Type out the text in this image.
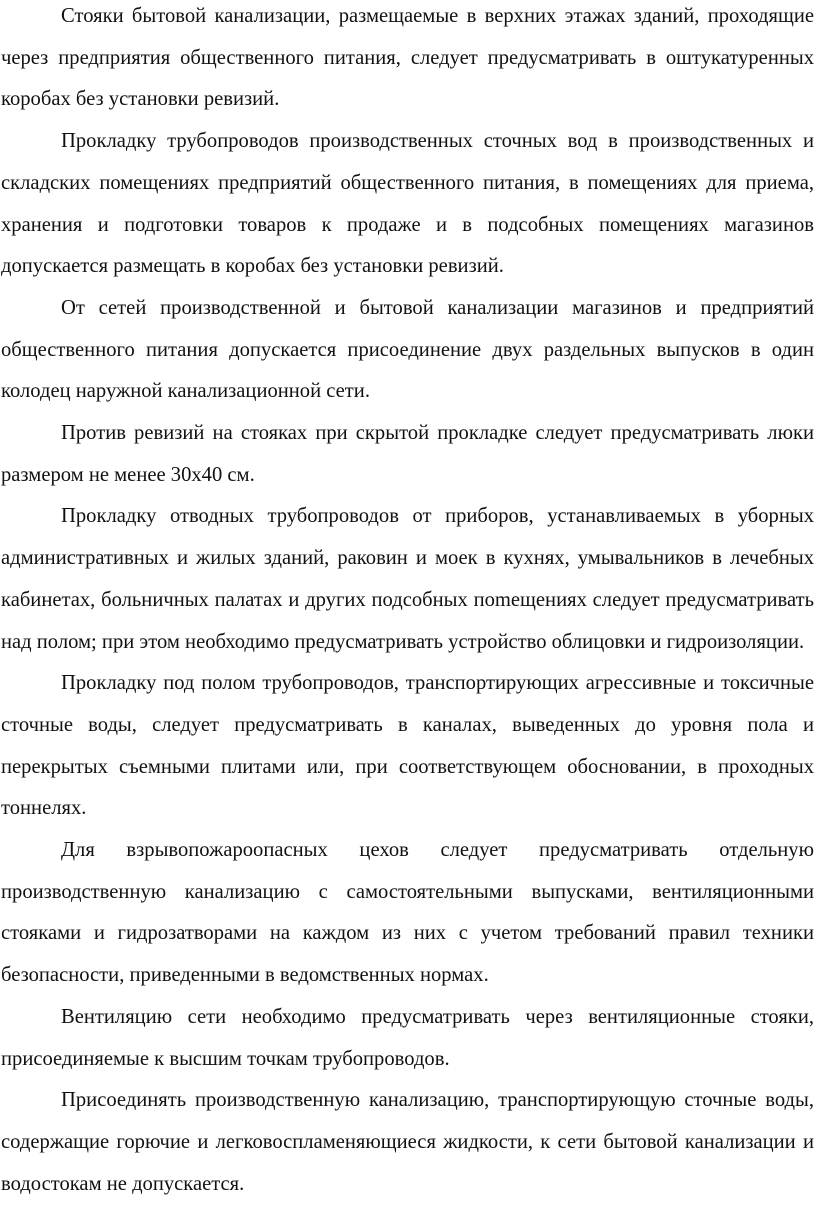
Стояки бытовой канализации, размещаемые в верхних этажах зданий, проходящие через предприятия общественного питания, следует предусматривать в оштукатуренных коробах без установки ревизий.

Прокладку трубопроводов производственных сточных вод в производственных и складских помещениях предприятий общественного питания, в помещениях для приема, хранения и подготовки товаров к продаже и в подсобных помещениях магазинов допускается размещать в коробах без установки ревизий.

От сетей производственной и бытовой канализации магазинов и предприятий общественного питания допускается присоединение двух раздельных выпусков в один колодец наружной канализационной сети.

Против ревизий на стояках при скрытой прокладке следует предусматривать люки размером не менее 30х40 см.

Прокладку отводных трубопроводов от приборов, устанавливаемых в уборных административных и жилых зданий, раковин и моек в кухнях, умывальников в лечебных кабинетах, больничных палатах и других подсобных поmещениях следует предусматривать над полом; при этом необходимо предусматривать устройство облицовки и гидроизоляции.

Прокладку под полом трубопроводов, транспортирующих агрессивные и токсичные сточные воды, следует предусматривать в каналах, выведенных до уровня пола и перекрытых съемными плитами или, при соответствующем обосновании, в проходных тоннелях.

Для взрывопожароопасных цехов следует предусматривать отдельную производственную канализацию с самостоятельными выпусками, вентиляционными стояками и гидрозатворами на каждом из них с учетом требований правил техники безопасности, приведенными в ведомственных нормах.

Вентиляцию сети необходимо предусматривать через вентиляционные стояки, присоединяемые к высшим точкам трубопроводов.

Присоединять производственную канализацию, транспортирующую сточные воды, содержащие горючие и легковоспламеняющиеся жидкости, к сети бытовой канализации и водостокам не допускается.
